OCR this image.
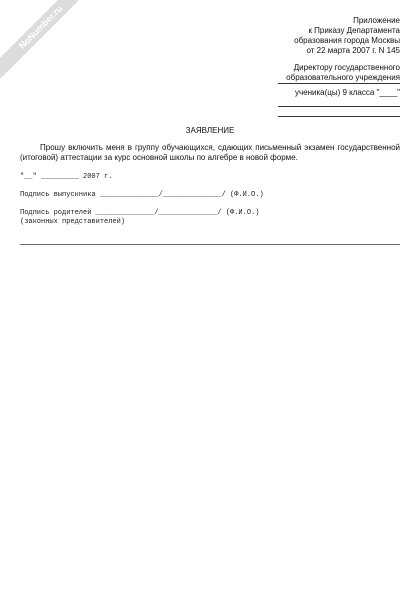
NoNumber.ru	Приложение
к Приказу Департамента
образования города Москвы
от 22 марта 2007 г. N 145
Директору государственного
образовательного учреждения
ученика(цы) 9 класса "____"
ЗАЯВЛЕНИЕ
Прошу включить меня в группу обучающихся, сдающих письменный экзамен государственной (итоговой) аттестации за курс основной школы по алгебре в новой форме.
"__" _________ 2007 г.
Подпись выпускника ______________/______________/ (Ф.И.О.)
Подпись родителей ______________/______________/ (Ф.И.О.)
(законных представителей)
